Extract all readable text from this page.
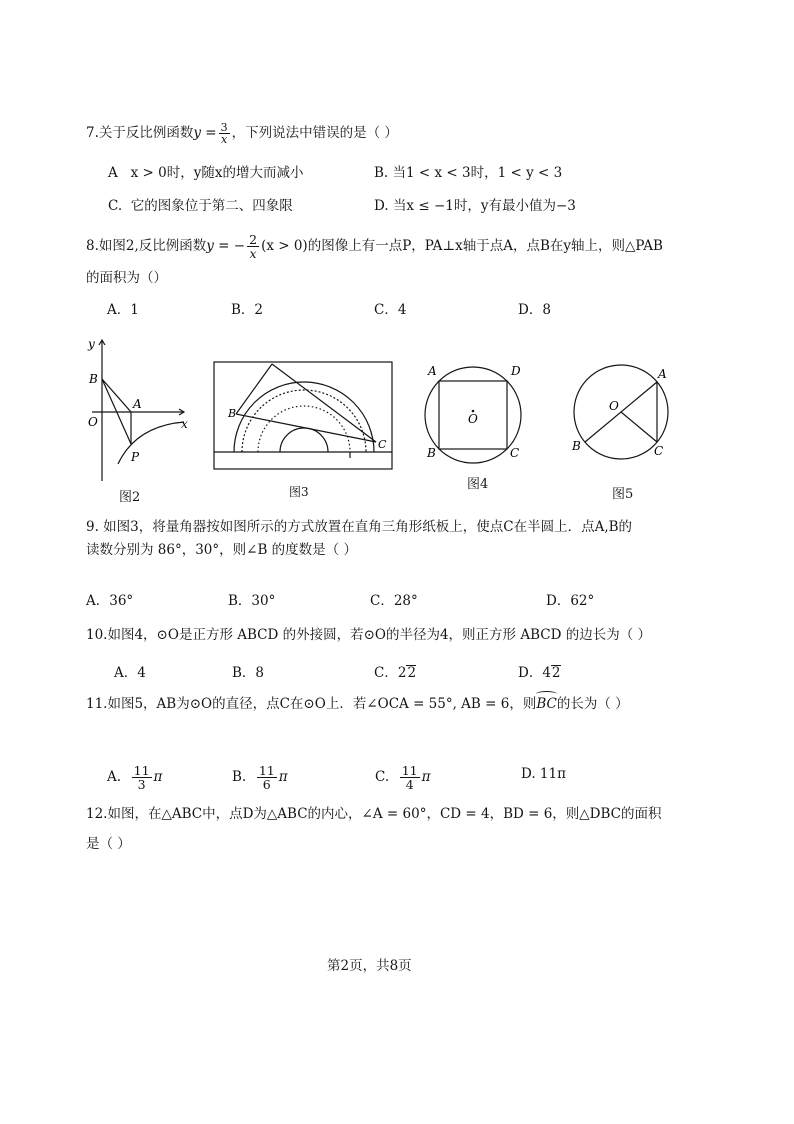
7.关于反比例函数$y = \frac{3}{x}$ ，下列说法中错误的是（ ）
A x > 0时，y随x的增大而减小	B. 当1 < x < 3时，1 < y < 3
C. 它的图象位于第二、四象限	D. 当x ≤ −1时，y有最小值为−3
8.如图2,反比例函数y = − $\frac{2}{x} (x > 0)$的图像上有一点P，PA⊥x轴于点A，点B在y轴上，则△PAB
的面积为（）
A．1	B．2	C．4	D．8
y
x
O
B
A
P
图2
B
C
图3
O
A	D
B	C
图4
O
A
B	C
图5
9. 如图3，将量角器按如图所示的方式放置在直角三角形纸板上，使点C在半圆上．点A,B的
读数分别为 86°，30°，则∠B 的度数是（ ）
A．36°	B．30°	C．28°	D．62°
10.如图4，⊙O是正方形 ABCD 的外接圆，若⊙O的半径为4，则正方形 ABCD 的边长为（ ）
A．4	B．8	C．22	D．42
11.如图5，AB为⊙O的直径，点C在⊙O上．若∠OCA = 55°, AB = 6，则BC的长为（ ）
A. $\frac{11}{3}$ π	B. $\frac{11}{6}$ π	C. $\frac{11}{4}$ π	D. 11π
12.如图，在△ABC中，点D为△ABC的内心，∠A = 60°，CD = 4，BD = 6，则△DBC的面积
是（ ）
第2页，共8页
